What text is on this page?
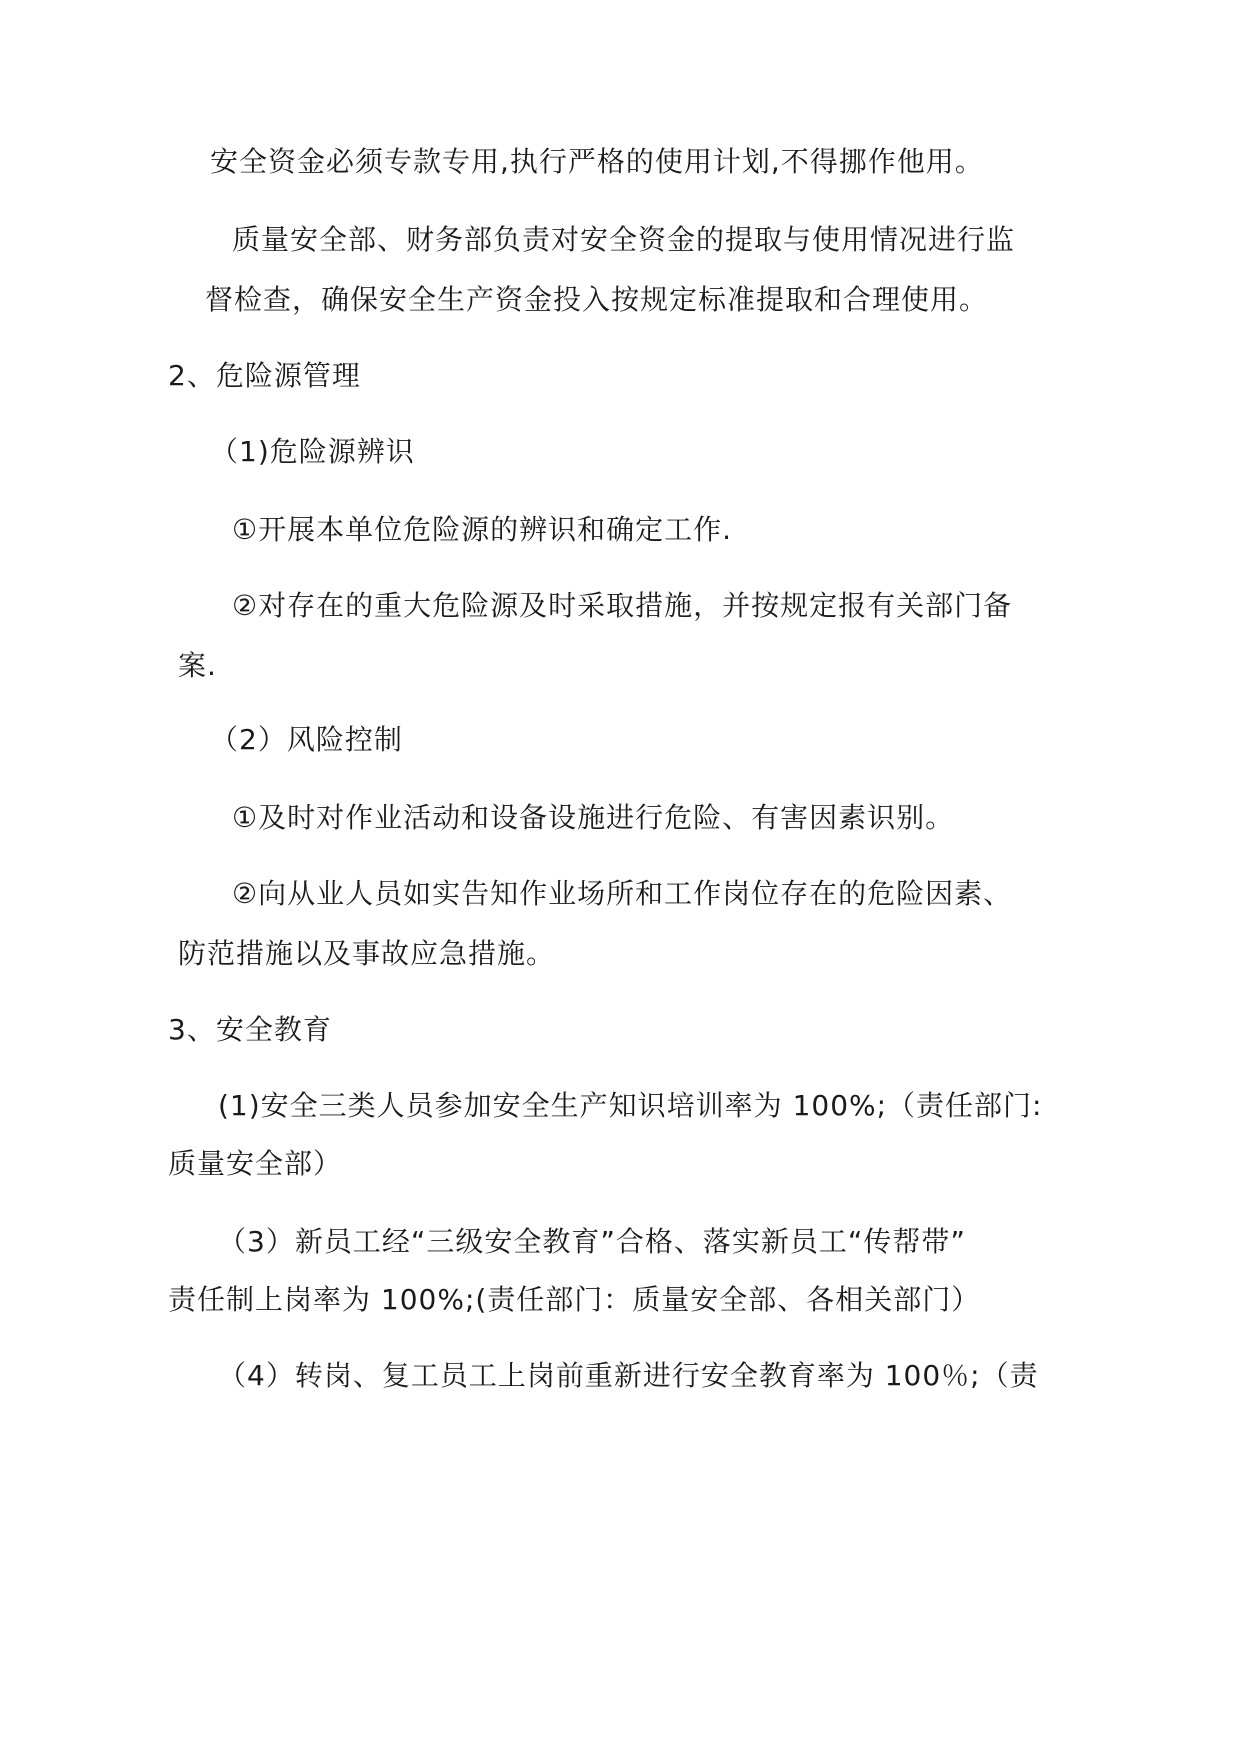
安全资金必须专款专用,执行严格的使用计划,不得挪作他用。
质量安全部、财务部负责对安全资金的提取与使用情况进行监
督检查，确保安全生产资金投入按规定标准提取和合理使用。
2、危险源管理
（1)危险源辨识
①开展本单位危险源的辨识和确定工作.
②对存在的重大危险源及时采取措施，并按规定报有关部门备
案.
（2）风险控制
①及时对作业活动和设备设施进行危险、有害因素识别。
②向从业人员如实告知作业场所和工作岗位存在的危险因素、
防范措施以及事故应急措施。
3、安全教育
(1)安全三类人员参加安全生产知识培训率为 100%;（责任部门:
质量安全部）
（3）新员工经“三级安全教育”合格、落实新员工“传帮带”
责任制上岗率为 100%;(责任部门：质量安全部、各相关部门）
（4）转岗、复工员工上岗前重新进行安全教育率为 100％;（责
